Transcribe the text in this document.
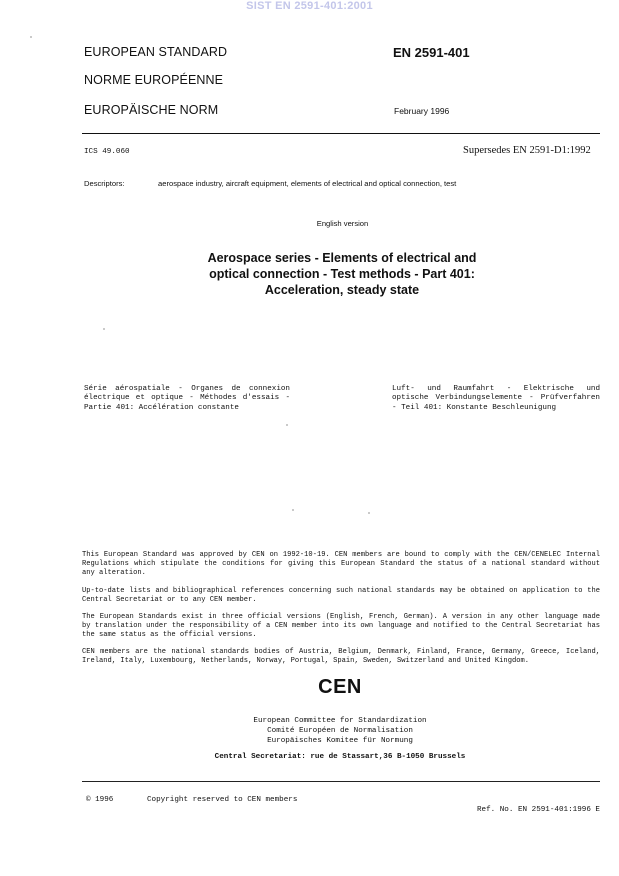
SIST EN 2591-401:2001
EUROPEAN STANDARD
NORME EUROPÉENNE
EUROPÄISCHE NORM
EN 2591-401
February 1996
ICS 49.060	Supersedes EN 2591-D1:1992
Descriptors:	aerospace industry, aircraft equipment, elements of electrical and optical connection, test
English version
Aerospace series - Elements of electrical and
optical connection - Test methods - Part 401:
Acceleration, steady state
Série aérospatiale - Organes de connexion électrique et optique - Méthodes d'essais - Partie 401: Accélération constante
Luft- und Raumfahrt - Elektrische und optische Verbindungselemente - Prüfverfahren - Teil 401: Konstante Beschleunigung
This European Standard was approved by CEN on 1992-10-19. CEN members are bound to comply with the CEN/CENELEC Internal Regulations which stipulate the conditions for giving this European Standard the status of a national standard without any alteration.
Up-to-date lists and bibliographical references concerning such national standards may be obtained on application to the Central Secretariat or to any CEN member.
The European Standards exist in three official versions (English, French, German). A version in any other language made by translation under the responsibility of a CEN member into its own language and notified to the Central Secretariat has the same status as the official versions.
CEN members are the national standards bodies of Austria, Belgium, Denmark, Finland, France, Germany, Greece, Iceland, Ireland, Italy, Luxembourg, Netherlands, Norway, Portugal, Spain, Sweden, Switzerland and United Kingdom.
CEN
European Committee for Standardization
Comité Européen de Normalisation
Europäisches Komitee für Normung
Central Secretariat: rue de Stassart,36 B-1050 Brussels
© 1996	Copyright reserved to CEN members
Ref. No. EN 2591-401:1996 E
